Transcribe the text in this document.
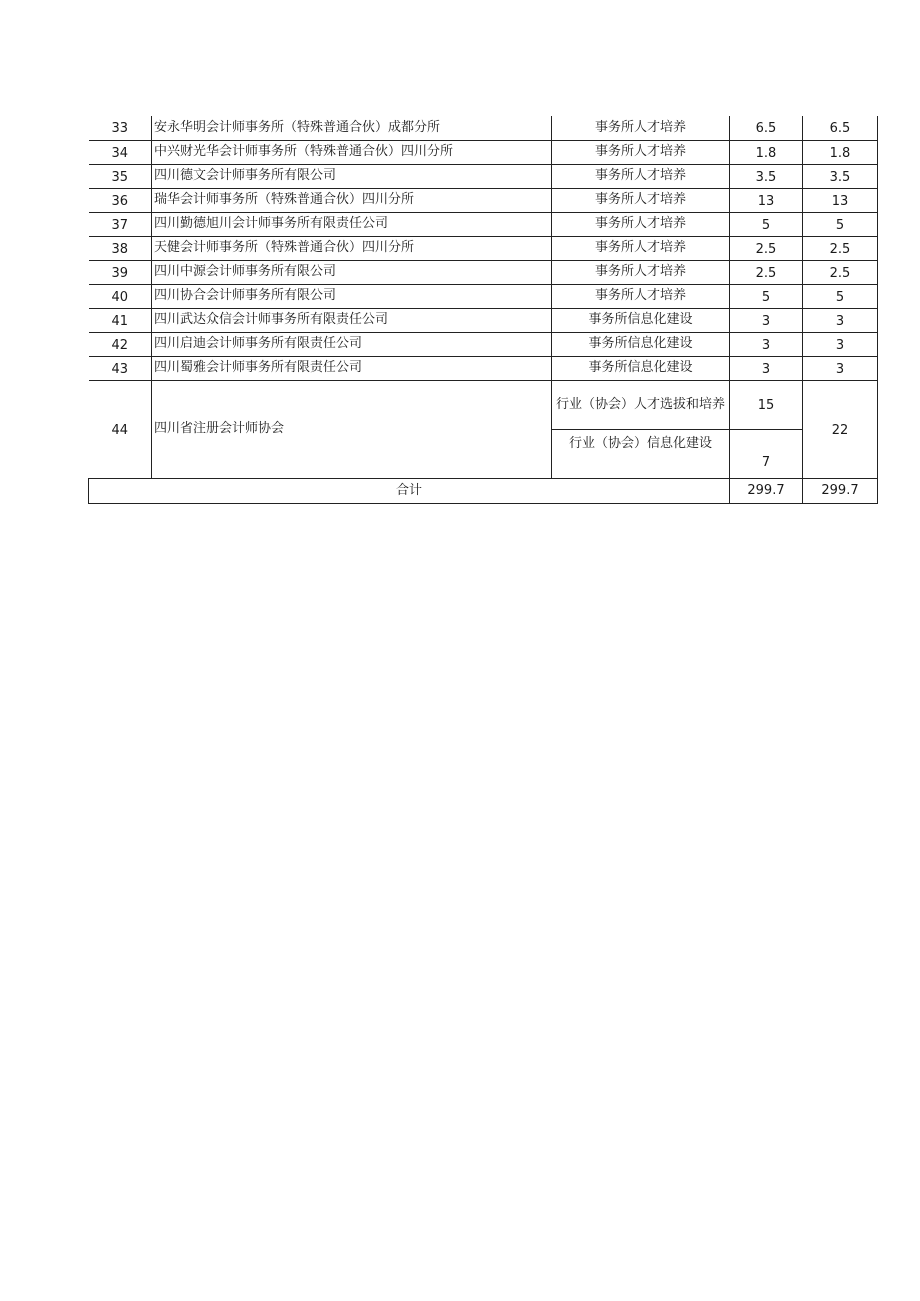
33	安永华明会计师事务所（特殊普通合伙）成都分所	事务所人才培养	6.5	6.5
34	中兴财光华会计师事务所（特殊普通合伙）四川分所	事务所人才培养	1.8	1.8
35	四川德文会计师事务所有限公司	事务所人才培养	3.5	3.5
36	瑞华会计师事务所（特殊普通合伙）四川分所	事务所人才培养	13	13
37	四川勤德旭川会计师事务所有限责任公司	事务所人才培养	5	5
38	天健会计师事务所（特殊普通合伙）四川分所	事务所人才培养	2.5	2.5
39	四川中源会计师事务所有限公司	事务所人才培养	2.5	2.5
40	四川协合会计师事务所有限公司	事务所人才培养	5	5
41	四川武达众信会计师事务所有限责任公司	事务所信息化建设	3	3
42	四川启迪会计师事务所有限责任公司	事务所信息化建设	3	3
43	四川蜀雅会计师事务所有限责任公司	事务所信息化建设	3	3
44	四川省注册会计师协会	行业（协会）人才选拔和培养	15	22
		行业（协会）信息化建设	7	
合计			299.7	299.7
